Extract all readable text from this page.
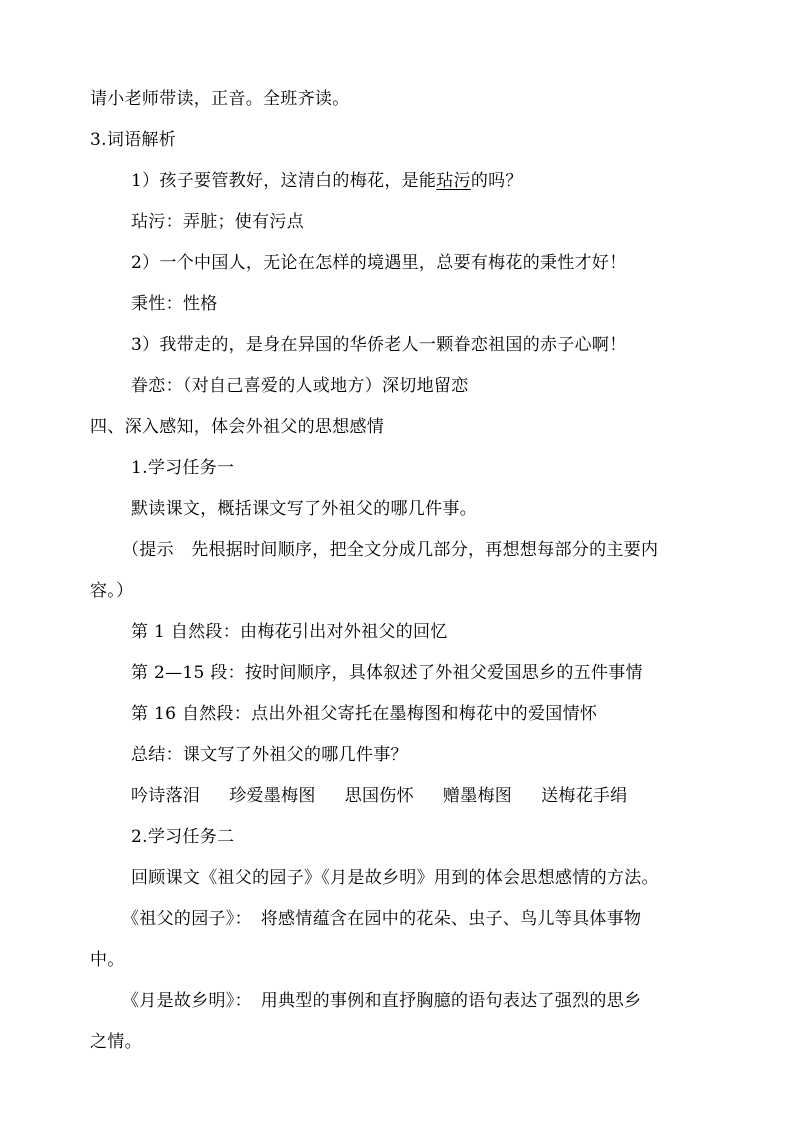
请小老师带读，正音。全班齐读。
3.词语解析
1）孩子要管教好，这清白的梅花，是能玷污的吗？
玷污：弄脏；使有污点
2）一个中国人，无论在怎样的境遇里，总要有梅花的秉性才好！
秉性：性格
3）我带走的，是身在异国的华侨老人一颗眷恋祖国的赤子心啊！
眷恋：（对自己喜爱的人或地方）深切地留恋
四、深入感知，体会外祖父的思想感情
1.学习任务一
默读课文，概括课文写了外祖父的哪几件事。
（提示　先根据时间顺序，把全文分成几部分，再想想每部分的主要内
容。）
第 1 自然段：由梅花引出对外祖父的回忆
第 2—15 段：按时间顺序，具体叙述了外祖父爱国思乡的五件事情
第 16 自然段：点出外祖父寄托在墨梅图和梅花中的爱国情怀
总结：课文写了外祖父的哪几件事？
吟诗落泪 珍爱墨梅图 思国伤怀 赠墨梅图 送梅花手绢
2.学习任务二
回顾课文《祖父的园子》《月是故乡明》用到的体会思想感情的方法。
《祖父的园子》：　将感情蕴含在园中的花朵、虫子、鸟儿等具体事物
中。
《月是故乡明》：　用典型的事例和直抒胸臆的语句表达了强烈的思乡
之情。
